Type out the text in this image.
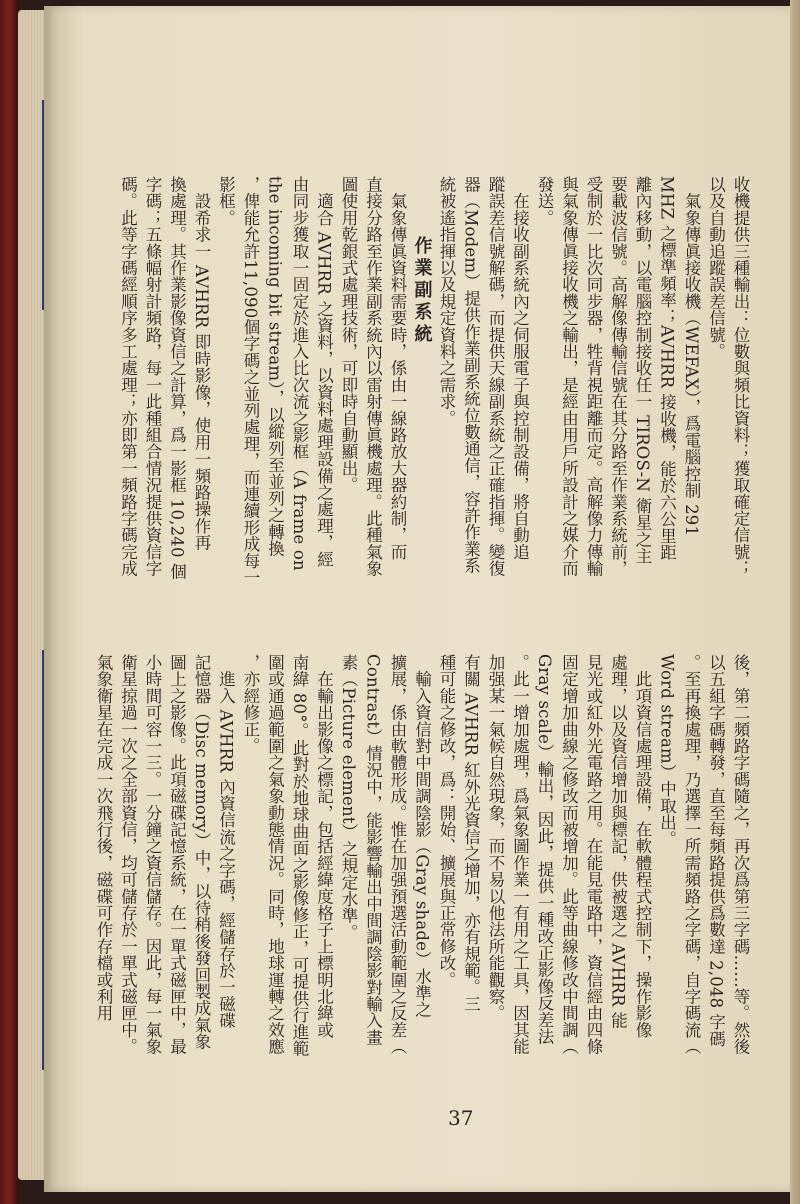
收機提供三種輸出：位數與頻比資料；獲取確定信號；

以及自動追蹤誤差信號。

　氣象傳眞接收機（WEFAX），爲電腦控制 291

MHZ 之標準頻率；AVHRR 接收機，能於六公里距

離內移動，以電腦控制接收任一 TIROS-N 衛星之主

要載波信號。高解像傳輸信號在其分路至作業系統前，

受制於一比次同步器，牲背視距離而定。高解像力傳輸

與氣象傳眞接收機之輸出，是經由用戶所設計之媒介而

發送。

　在接收副系統內之伺服電子與控制設備，將自動追

蹤誤差信號解碼，而提供天線副系統之正確指揮。變復

器（Modem）提供作業副系統位數通信，容許作業系

統被遙指揮以及規定資料之需求。

作業副系統

　氣象傳眞資料需要時，係由一線路放大器約制，而

直接分路至作業副系統內以雷射傳眞機處理。此種氣象

圖使用乾銀式處理技術，可即時自動顯出。

　適合 AVHRR 之資料，以資料處理設備之處理，經

由同步獲取一固定於進入比次流之影框（A frame on

the incoming bit stream），以縱列至並列之轉換

，俾能允許11,090個字碼之並列處理，而連續形成每一

影框。

　設希求一 AVHRR 即時影像，使用一頻路操作再

換處理。其作業影像資信之計算，爲一影框 10,240 個

字碼；五條幅射計頻路，每一此種組合情況提供資信字

碼。此等字碼經順序多工處理；亦即第一頻路字碼完成

後，第二頻路字碼隨之，再次爲第三字碼……等。然後

以五組字碼轉發，直至每頻路提供爲數達 2,048 字碼

。至再換處理，乃選擇一所需頻路之字碼，自字碼流（

Word stream）中取出。

　此項資信處理設備，在軟體程式控制下，操作影像

處理，以及資信增加與標記，供被選之 AVHRR 能

見光或紅外光電路之用。在能見電路中，資信經由四條

固定增加曲線之修改而被增加。此等曲線修改中間調（

Gray scale）輸出，因此，提供一種改正影像反差法

。此一增加處理，爲氣象圖作業一有用之工具，因其能

加强某一氣候自然現象，而不易以他法所能觀察。

有關 AVHRR 紅外光資信之增加，亦有規範。三

種可能之修改，爲：開始、擴展與正常修改。

　輸入資信對中間調陰影（Gray shade）水準之

擴展，係由軟體形成。惟在加强預選活動範圍之反差（

Contrast）情況中，能影響輸出中間調陰影對輸入畫

素（Picture element）之規定水準。

　在輸出影像之標記，包括經緯度格子上標明北緯或

南緯 80°。此對於地球曲面之影像修正，可提供行進範

圍或通過範圍之氣象動態情況。同時，地球運轉之效應

，亦經修正。

　進入 AVHRR 內資信流之字碼，經儲存於一磁碟

記憶器（Disc memory）中，以待稍後發回製成氣象

圖上之影像。此項磁碟記憶系統，在一單式磁匣中，最

小時間可容一三。一分鐘之資信儲存。因此，每一氣象

衛星掠過一次之全部資信，均可儲存於一單式磁匣中。

氣象衛星在完成一次飛行後，磁碟可作存檔或利用

37
